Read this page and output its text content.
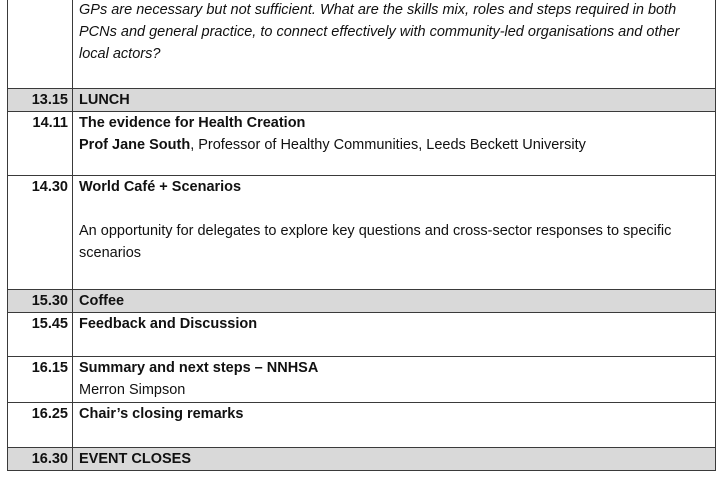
	GPs are necessary but not sufficient. What are the skills mix, roles and steps required in both PCNs and general practice, to connect effectively with community-led organisations and other local actors?
13.15	LUNCH
14.11	The evidence for Health Creation
Prof Jane South, Professor of Healthy Communities, Leeds Beckett University

14.30	World Café + Scenarios
An opportunity for delegates to explore key questions and cross-sector responses to specific scenarios

15.30	Coffee
15.45	Feedback and Discussion
16.15	Summary and next steps – NNHSA
Merron Simpson

16.25	Chair’s closing remarks
16.30	EVENT CLOSES
